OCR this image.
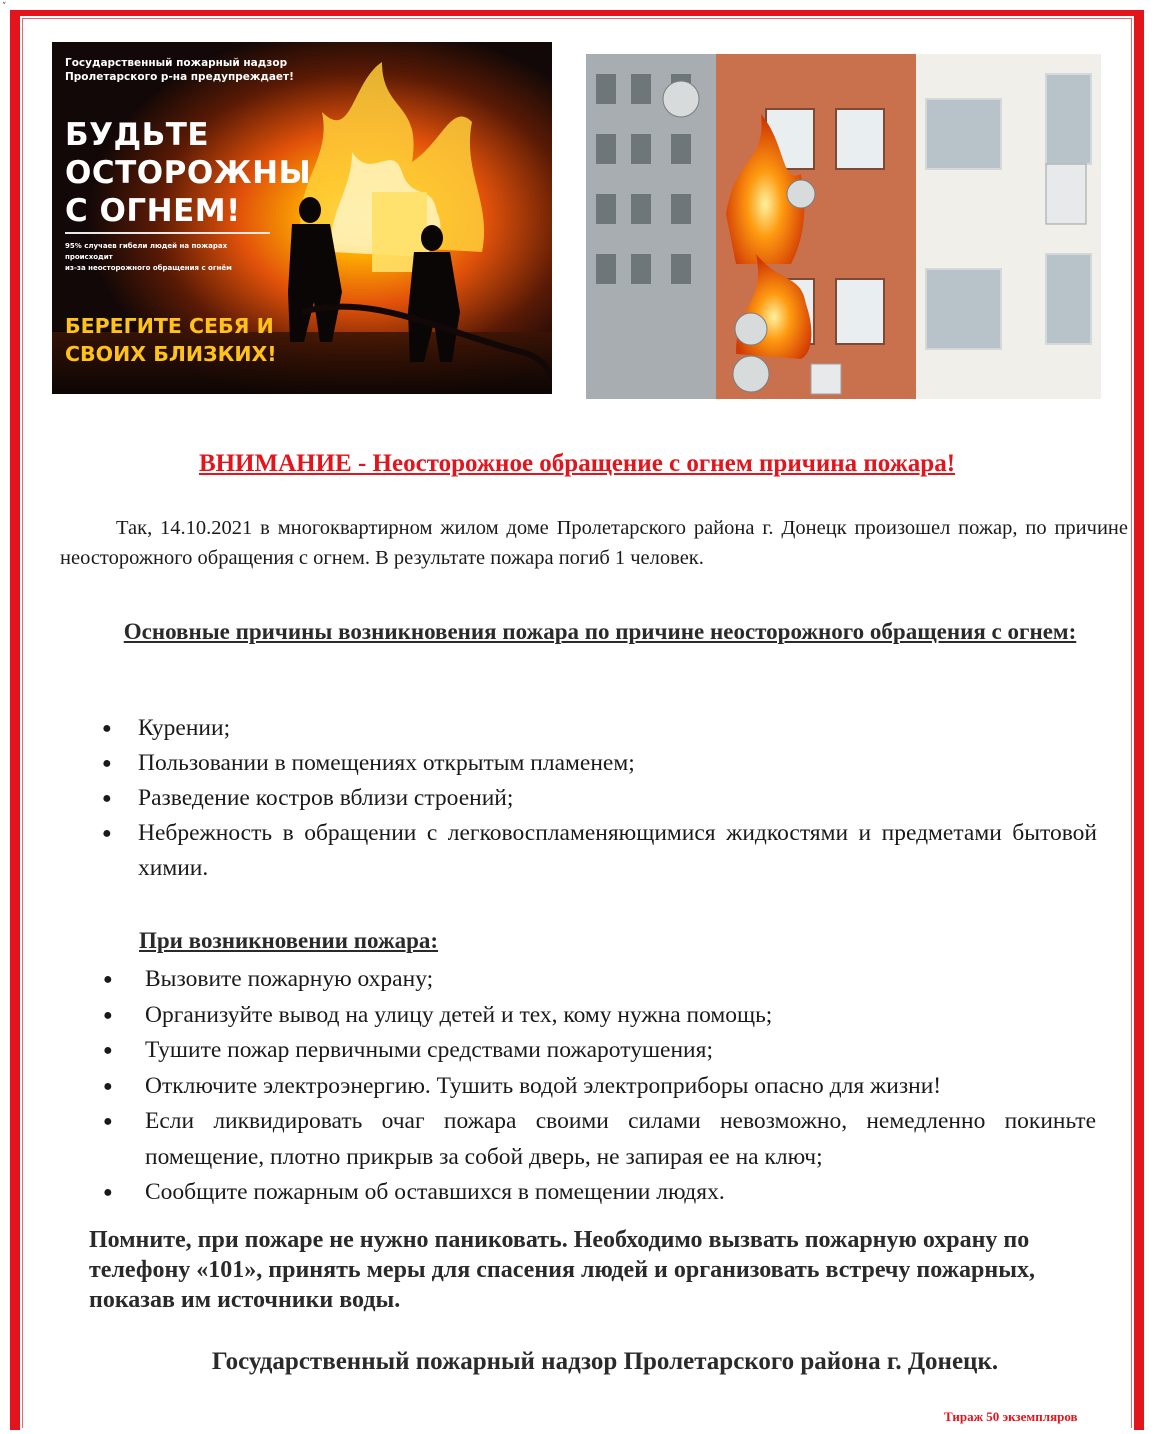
˅
Государственный пожарный надзор
Пролетарского р-на предупреждает!
БУДЬТЕ
ОСТОРОЖНЫ
С ОГНЕМ!
95% случаев гибели людей на пожарах происходит
из-за неосторожного обращения с огнём
БЕРЕГИТЕ СЕБЯ И
СВОИХ БЛИЗКИХ!
ВНИМАНИЕ - Неосторожное обращение с огнем причина пожара!
Так, 14.10.2021 в многоквартирном жилом доме Пролетарского района г. Донецк произошел пожар, по причине неосторожного обращения с огнем. В результате пожара погиб 1 человек.
Основные причины возникновения пожара по причине неосторожного обращения с огнем:
● Курении;
● Пользовании в помещениях открытым пламенем;
● Разведение костров вблизи строений;
● Небрежность в обращении с легковоспламеняющимися жидкостями и предметами бытовой химии.
При возникновении пожара:
● Вызовите пожарную охрану;
● Организуйте вывод на улицу детей и тех, кому нужна помощь;
● Тушите пожар первичными средствами пожаротушения;
● Отключите электроэнергию. Тушить водой электроприборы опасно для жизни!
● Если ликвидировать очаг пожара своими силами невозможно, немедленно покиньте помещение, плотно прикрыв за собой дверь, не запирая ее на ключ;
● Сообщите пожарным об оставшихся в помещении людях.
Помните, при пожаре не нужно паниковать. Необходимо вызвать пожарную охрану по телефону «101», принять меры для спасения людей и организовать встречу пожарных, показав им источники воды.
Государственный пожарный надзор Пролетарского района г. Донецк.
Тираж 50 экземпляров
